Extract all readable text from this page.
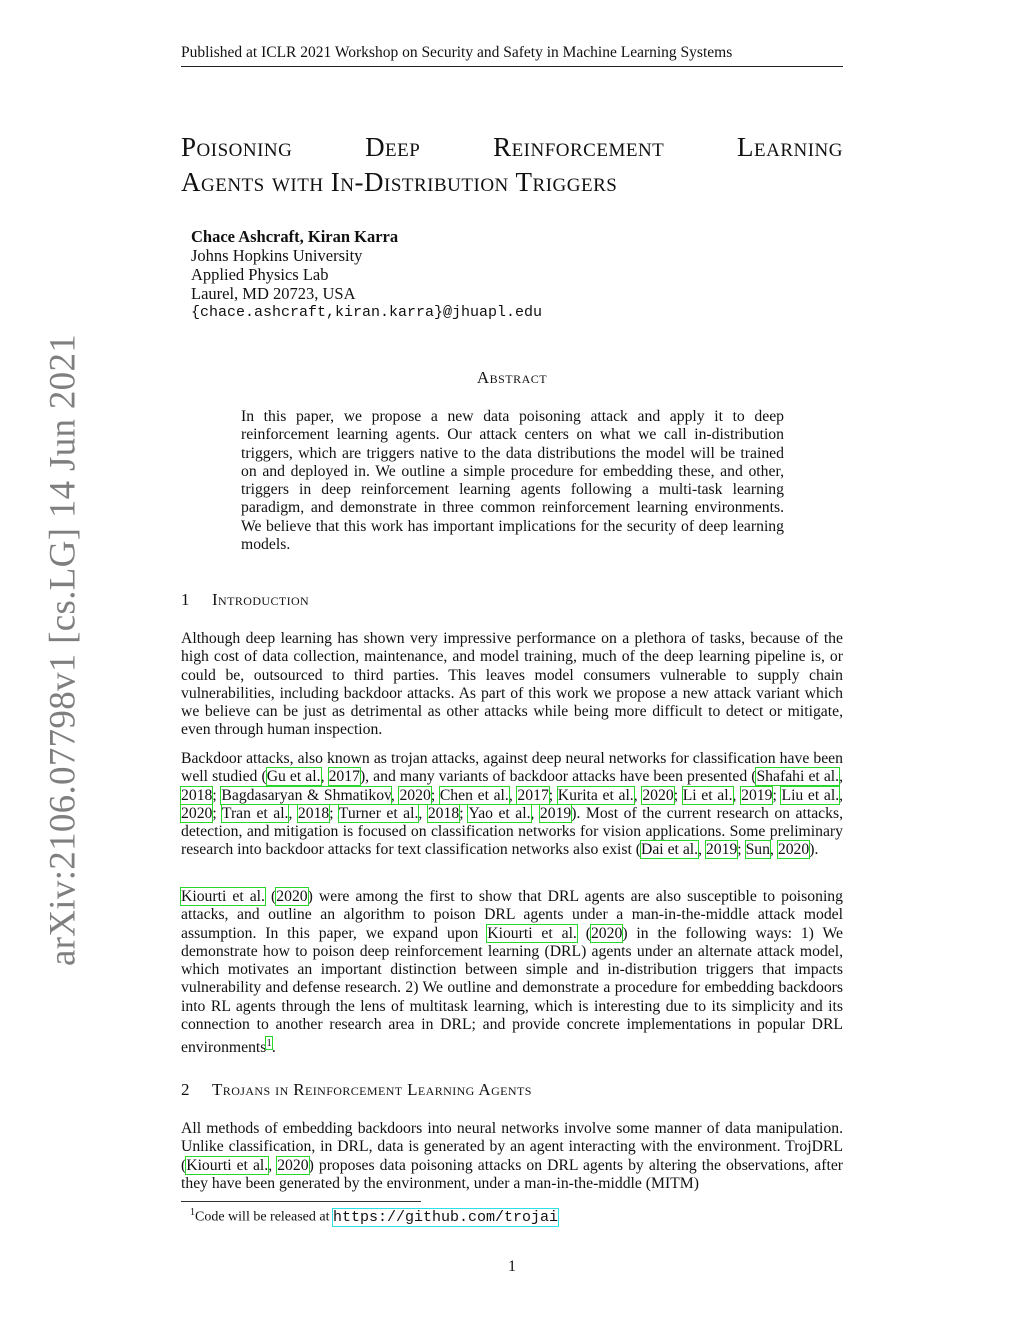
Published at ICLR 2021 Workshop on Security and Safety in Machine Learning Systems
arXiv:2106.07798v1 [cs.LG] 14 Jun 2021
Poisoning	Deep	Reinforcement	Learning
Agents with In-Distribution Triggers
Chace Ashcraft, Kiran Karra
Johns Hopkins University
Applied Physics Lab
Laurel, MD 20723, USA
{chace.ashcraft,kiran.karra}@jhuapl.edu
Abstract
In this paper, we propose a new data poisoning attack and apply it to deep reinforcement learning agents. Our attack centers on what we call in-distribution triggers, which are triggers native to the data distributions the model will be trained on and deployed in. We outline a simple procedure for embedding these, and other, triggers in deep reinforcement learning agents following a multi-task learning paradigm, and demonstrate in three common reinforcement learning environments. We believe that this work has important implications for the security of deep learning models.
1 Introduction
Although deep learning has shown very impressive performance on a plethora of tasks, because of the high cost of data collection, maintenance, and model training, much of the deep learning pipeline is, or could be, outsourced to third parties. This leaves model consumers vulnerable to supply chain vulnerabilities, including backdoor attacks. As part of this work we propose a new attack variant which we believe can be just as detrimental as other attacks while being more difficult to detect or mitigate, even through human inspection.
Backdoor attacks, also known as trojan attacks, against deep neural networks for classification have been well studied (Gu et al., 2017), and many variants of backdoor attacks have been presented (Shafahi et al., 2018; Bagdasaryan & Shmatikov, 2020; Chen et al., 2017; Kurita et al., 2020; Li et al., 2019; Liu et al., 2020; Tran et al., 2018; Turner et al., 2018; Yao et al., 2019). Most of the current research on attacks, detection, and mitigation is focused on classification networks for vision applications. Some preliminary research into backdoor attacks for text classification networks also exist (Dai et al., 2019; Sun, 2020).
Kiourti et al. (2020) were among the first to show that DRL agents are also susceptible to poisoning attacks, and outline an algorithm to poison DRL agents under a man-in-the-middle attack model assumption. In this paper, we expand upon Kiourti et al. (2020) in the following ways: 1) We demonstrate how to poison deep reinforcement learning (DRL) agents under an alternate attack model, which motivates an important distinction between simple and in-distribution triggers that impacts vulnerability and defense research. 2) We outline and demonstrate a procedure for embedding backdoors into RL agents through the lens of multitask learning, which is interesting due to its simplicity and its connection to another research area in DRL; and provide concrete implementations in popular DRL environments$^1$.
2 Trojans in Reinforcement Learning Agents
All methods of embedding backdoors into neural networks involve some manner of data manipulation. Unlike classification, in DRL, data is generated by an agent interacting with the environment. TrojDRL (Kiourti et al., 2020) proposes data poisoning attacks on DRL agents by altering the observations, after they have been generated by the environment, under a man-in-the-middle (MITM)
$^1$Code will be released at https://github.com/trojai
1
